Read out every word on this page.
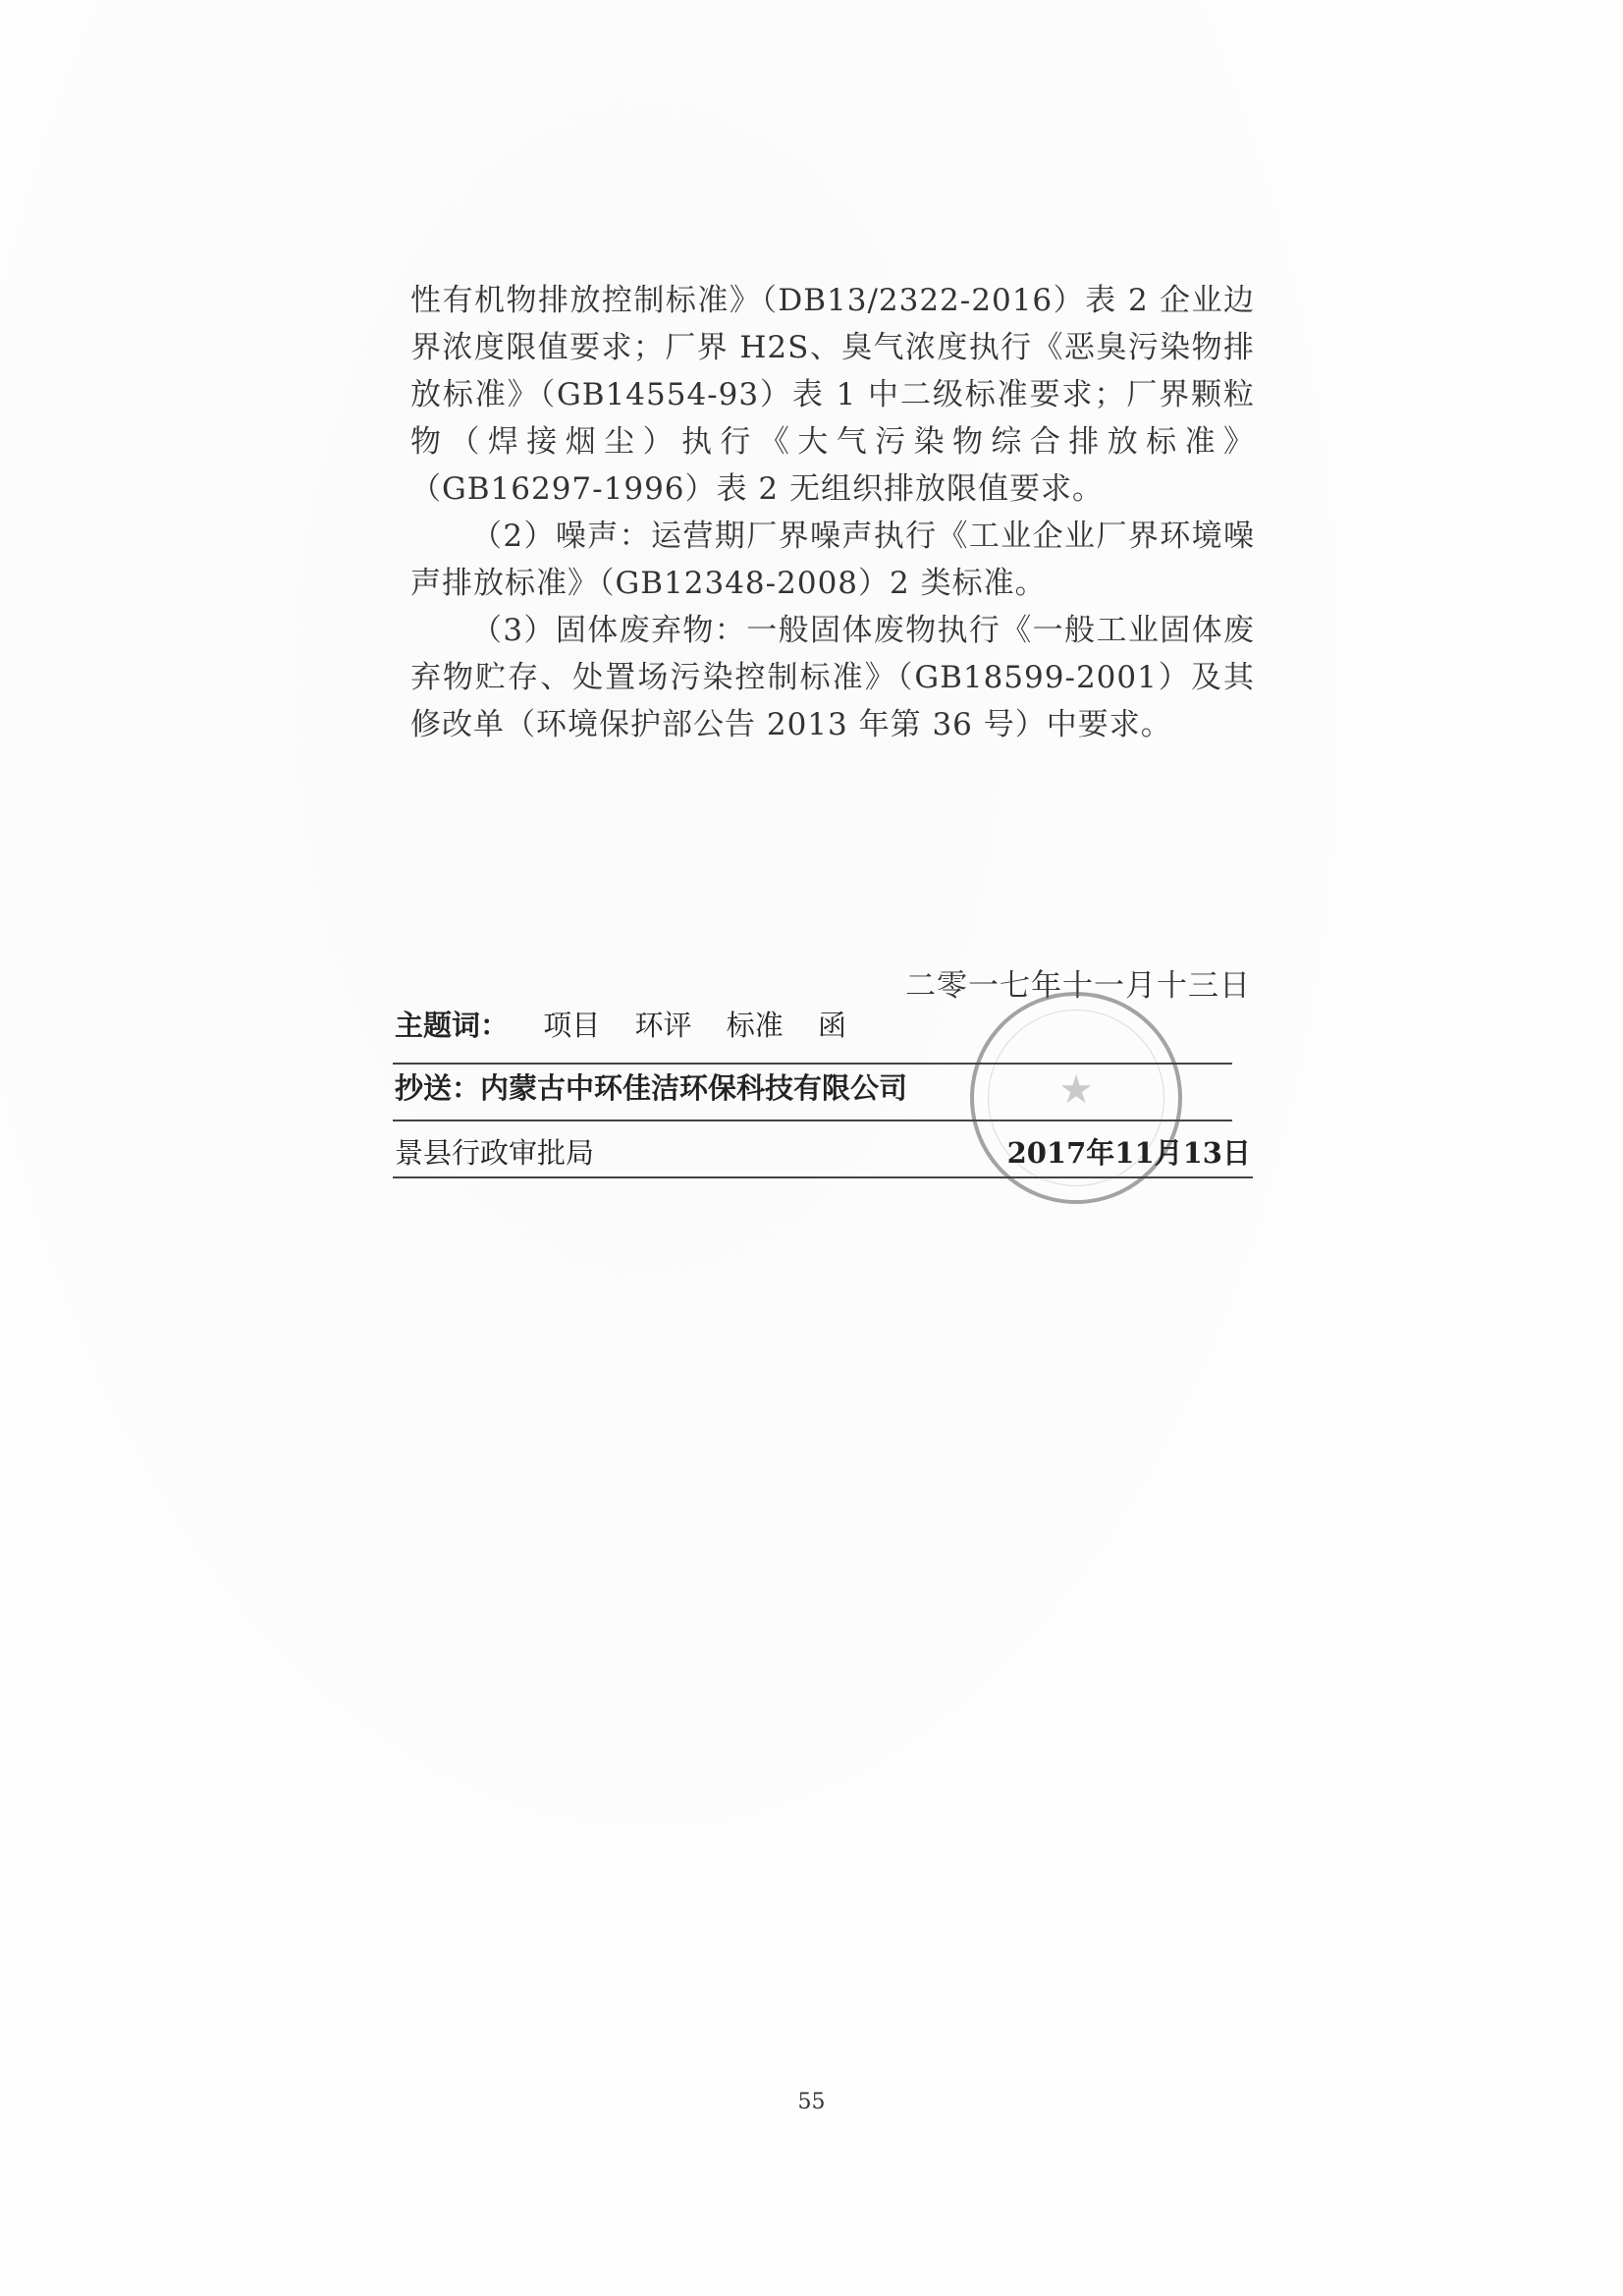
性有机物排放控制标准》（DB13/2322-2016）表 2 企业边界浓度限值要求；厂界 H2S、臭气浓度执行《恶臭污染物排放标准》（GB14554-93）表 1 中二级标准要求；厂界颗粒物（焊接烟尘）执行《大气污染物综合排放标准》（GB16297-1996）表 2 无组织排放限值要求。

（2）噪声：运营期厂界噪声执行《工业企业厂界环境噪声排放标准》（GB12348-2008）2 类标准。

（3）固体废弃物：一般固体废物执行《一般工业固体废弃物贮存、处置场污染控制标准》（GB18599-2001）及其修改单（环境保护部公告 2013 年第 36 号）中要求。

二零一七年十一月十三日
★
主题词： 项目 环评 标准 函
抄送：内蒙古中环佳洁环保科技有限公司
景县行政审批局	2017年11月13日
55
